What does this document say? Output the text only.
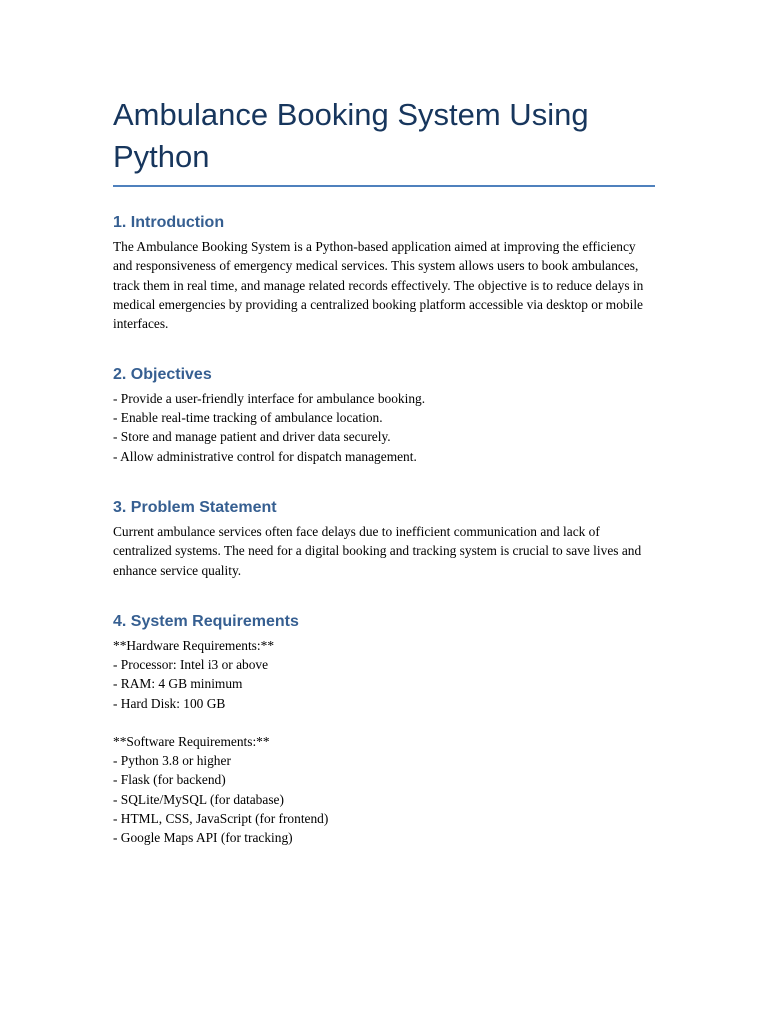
Ambulance Booking System Using Python
1. Introduction

The Ambulance Booking System is a Python-based application aimed at improving the efficiency and responsiveness of emergency medical services. This system allows users to book ambulances, track them in real time, and manage related records effectively. The objective is to reduce delays in medical emergencies by providing a centralized booking platform accessible via desktop or mobile interfaces.

2. Objectives

- Provide a user-friendly interface for ambulance booking.

- Enable real-time tracking of ambulance location.

- Store and manage patient and driver data securely.

- Allow administrative control for dispatch management.

3. Problem Statement

Current ambulance services often face delays due to inefficient communication and lack of centralized systems. The need for a digital booking and tracking system is crucial to save lives and enhance service quality.

4. System Requirements

**Hardware Requirements:**

- Processor: Intel i3 or above

- RAM: 4 GB minimum

- Hard Disk: 100 GB

**Software Requirements:**

- Python 3.8 or higher

- Flask (for backend)

- SQLite/MySQL (for database)

- HTML, CSS, JavaScript (for frontend)

- Google Maps API (for tracking)
